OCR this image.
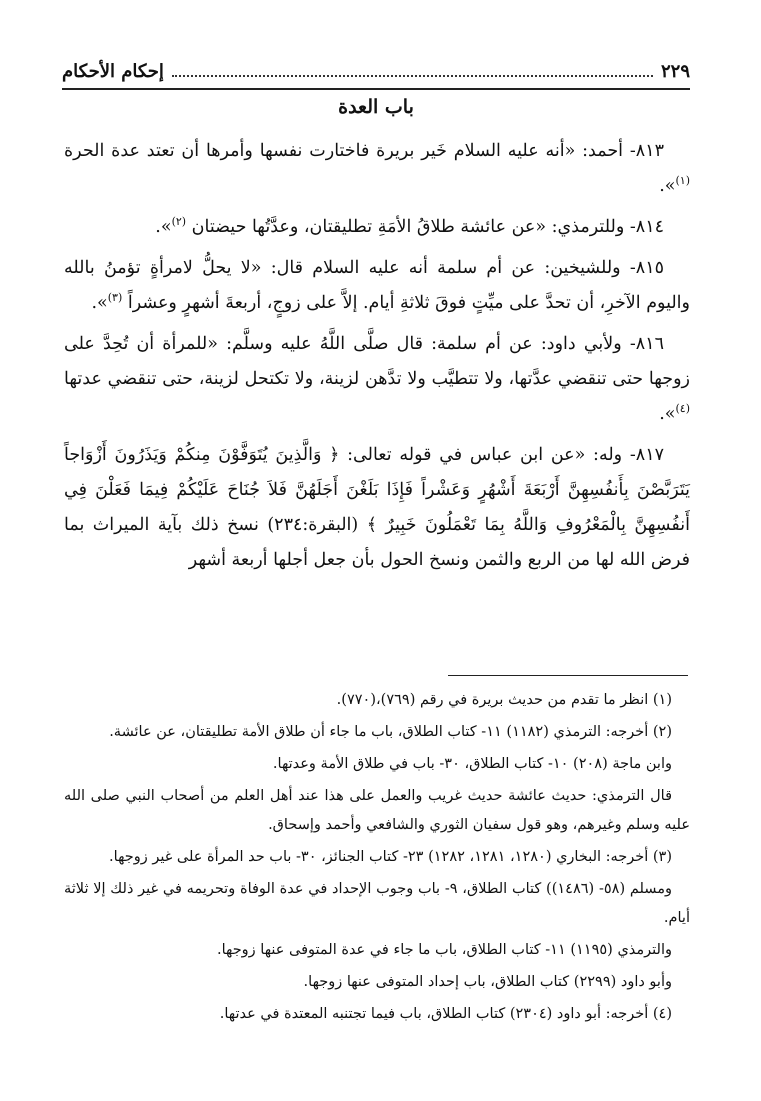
٢٢٩
إحكام الأحكام
باب العدة

٨١٣- أحمد: «أنه عليه السلام خَير بريرة فاختارت نفسها وأمرها أن تعتد عدة الحرة $^{(١)}$».

٨١٤- وللترمذي: «عن عائشة طلاقُ الأمَةِ تطليقتان، وعدَّتُها حيضتان $^{(٢)}$».

٨١٥- وللشيخين: عن أم سلمة أنه عليه السلام قال: «لا يحلُّ لامرأةٍ تؤمنُ بالله واليوم الآخرِ، أن تحدَّ على ميِّتٍ فوقَ ثلاثةِ أيام. إلاَّ على زوجٍ، أربعةَ أشهرٍ وعشراً $^{(٣)}$».

٨١٦- ولأبي داود: عن أم سلمة: قال صلَّى اللَّهُ عليه وسلَّم: «للمرأة أن تُحِدَّ على زوجها حتى تنقضي عدَّتها، ولا تتطيَّب ولا تدَّهن لزينة، ولا تكتحل لزينة، حتى تنقضي عدتها $^{(٤)}$».

٨١٧- وله: «عن ابن عباس في قوله تعالى: ﴿ وَالَّذِينَ يُتَوَفَّوْنَ مِنكُمْ وَيَذَرُونَ أَزْوَاجاً يَتَرَبَّصْنَ بِأَنفُسِهِنَّ أَرْبَعَةَ أَشْهُرٍ وَعَشْراً فَإِذَا بَلَغْنَ أَجَلَهُنَّ فَلاَ جُنَاحَ عَلَيْكُمْ فِيمَا فَعَلْنَ فِي أَنفُسِهِنَّ بِالْمَعْرُوفِ وَاللَّهُ بِمَا تَعْمَلُونَ خَبِيرٌ ﴾ (البقرة:٢٣٤) نسخ ذلك بآية الميراث بما فرض الله لها من الربع والثمن ونسخ الحول بأن جعل أجلها أربعة أشهر

(١) انظر ما تقدم من حديث بريرة في رقم (٧٦٩)،(٧٧٠).

(٢) أخرجه: الترمذي (١١٨٢) ١١- كتاب الطلاق، باب ما جاء أن طلاق الأمة تطليقتان، عن عائشة.

وابن ماجة (٢٠٨) ١٠- كتاب الطلاق، ٣٠- باب في طلاق الأمة وعدتها.

قال الترمذي: حديث عائشة حديث غريب والعمل على هذا عند أهل العلم من أصحاب النبي صلى الله عليه وسلم وغيرهم، وهو قول سفيان الثوري والشافعي وأحمد وإسحاق.

(٣) أخرجه: البخاري (١٢٨٠، ١٢٨١، ١٢٨٢) ٢٣- كتاب الجنائز، ٣٠- باب حد المرأة على غير زوجها.

ومسلم (٥٨- (١٤٨٦)) كتاب الطلاق، ٩- باب وجوب الإحداد في عدة الوفاة وتحريمه في غير ذلك إلا ثلاثة أيام.

والترمذي (١١٩٥) ١١- كتاب الطلاق، باب ما جاء في عدة المتوفى عنها زوجها.

وأبو داود (٢٢٩٩) كتاب الطلاق، باب إحداد المتوفى عنها زوجها.

(٤) أخرجه: أبو داود (٢٣٠٤) كتاب الطلاق، باب فيما تجتنبه المعتدة في عدتها.
